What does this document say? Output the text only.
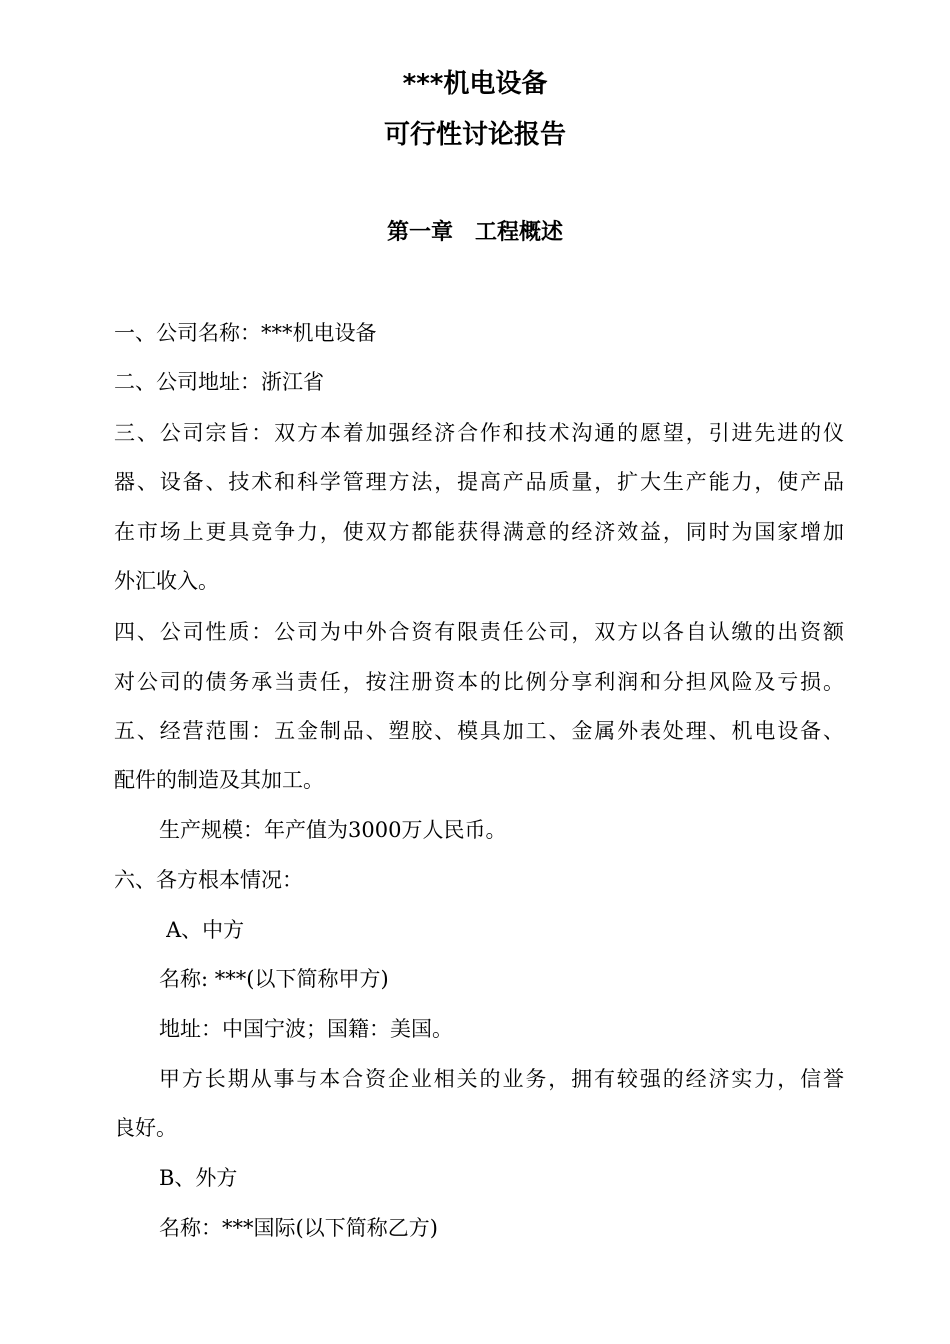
***机电设备
可行性讨论报告
第一章　工程概述
一、公司名称：***机电设备
二、公司地址：浙江省
三、公司宗旨：双方本着加强经济合作和技术沟通的愿望，引进先进的仪
器、设备、技术和科学管理方法，提高产品质量，扩大生产能力，使产品
在市场上更具竞争力，使双方都能获得满意的经济效益，同时为国家增加
外汇收入。
四、公司性质：公司为中外合资有限责任公司，双方以各自认缴的出资额
对公司的债务承当责任，按注册资本的比例分享利润和分担风险及亏损。
五、经营范围：五金制品、塑胶、模具加工、金属外表处理、机电设备、
配件的制造及其加工。
生产规模：年产值为3000万人民币。
六、各方根本情况：
A、中方
名称: ***(以下简称甲方)
地址：中国宁波；国籍：美国。
甲方长期从事与本合资企业相关的业务，拥有较强的经济实力，信誉
良好。
B、外方
名称：***国际(以下简称乙方)
